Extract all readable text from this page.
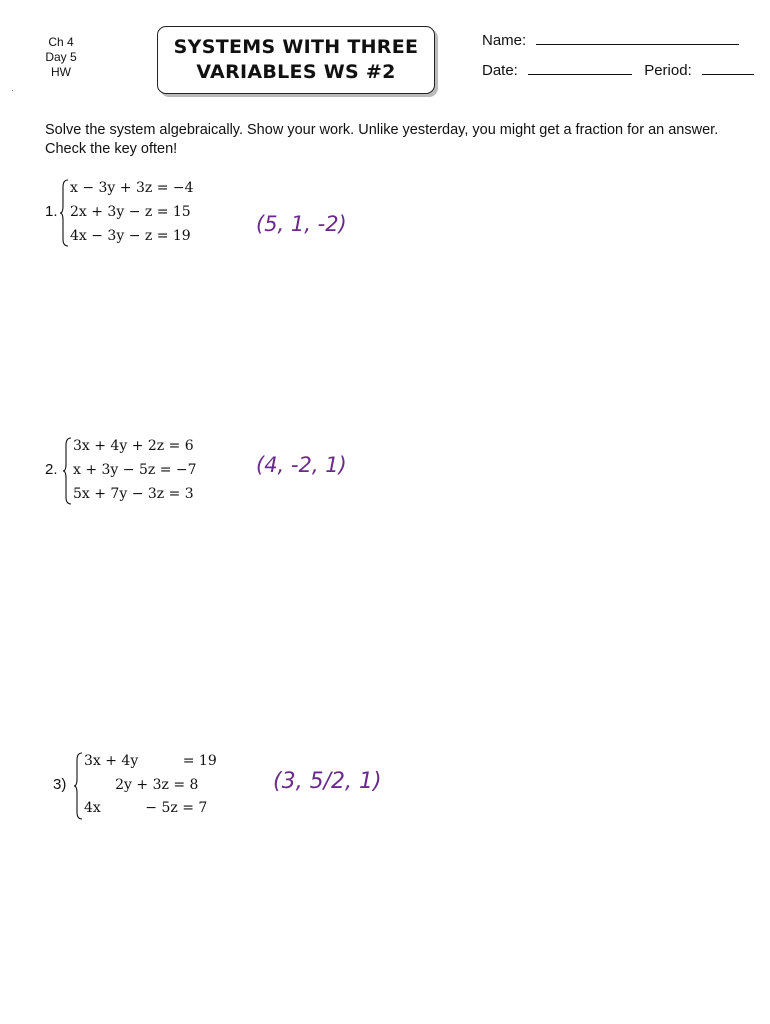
Ch 4
Day 5
HW
SYSTEMS WITH THREE
VARIABLES WS #2
Name:
Date:	Period:
Solve the system algebraically. Show your work. Unlike yesterday, you might get a fraction for an answer. Check the key often!
1.
x − 3y + 3z = −4
2x + 3y − z = 15
4x − 3y − z = 19	(5, 1, -2)
2.
3x + 4y + 2z = 6
x + 3y − 5z = −7
5x + 7y − 3z = 3
(4, -2, 1)
3)
3x + 4y          = 19
2y + 3z = 8
4x          − 5z = 7
(3, 5/2, 1)
